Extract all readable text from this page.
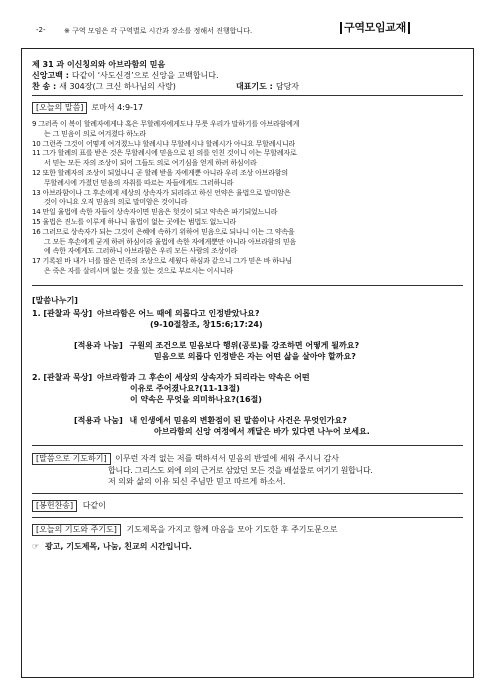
-2-	※ 구역 모임은 각 구역별로 시간과 장소를 정해서 진행합니다.	구역모임교재
제 31 과 이신칭의와 아브라함의 믿음
신앙고백 : 다같이 ‘사도신경’으로 신앙을 고백합니다.
찬 송 : 새 304장(그 크신 하나님의 사랑)	대표기도 : 담당자
[오늘의 말씀]	로마서 4:9-17
9 그러즉 이 복이 할례자에게냐 혹은 무할례자에게도냐 무릇 우리가 말하기를 아브라함에게
는 그 믿음이 의로 여겨졌다 하노라
10 그런즉 그것이 어떻게 여겨졌느냐 할례시냐 무할례시냐 할례시가 아니요 무할례시니라
11 그가 할례의 표를 받은 것은 무할례시에 믿음으로 된 의를 인친 것이니 이는 무할례자로
서 믿는 모든 자의 조상이 되어 그들도 의로 여기심을 얻게 하려 하심이라
12 또한 할례자의 조상이 되었나니 곧 할례 받을 자에게뿐 아니라 우리 조상 아브라함의
무할례시에 가졌던 믿음의 자취를 따르는 자들에게도 그러하니라
13 아브라함이나 그 후손에게 세상의 상속자가 되리라고 하신 언약은 율법으로 말미암은
것이 아니요 오직 믿음의 의로 말미암은 것이니라
14 만일 율법에 속한 자들이 상속자이면 믿음은 헛것이 되고 약속은 파기되었느니라
15 율법은 진노를 이루게 하나니 율법이 없는 곳에는 범법도 없느니라
16 그러므로 상속자가 되는 그것이 은혜에 속하기 위하여 믿음으로 되나니 이는 그 약속을
그 모든 후손에게 굳게 하려 하심이라 율법에 속한 자에게뿐만 아니라 아브라함의 믿음
에 속한 자에게도 그러하니 아브라함은 우리 모든 사람의 조상이라
17 기록된 바 내가 너를 많은 민족의 조상으로 세웠다 하심과 같으니 그가 믿은 바 하나님
은 죽은 자를 살리시며 없는 것을 있는 것으로 부르시는 이시니라
[말씀나누기]
1. [관찰과 묵상] 아브라함은 어느 때에 의롭다고 인정받았나요?
(9-10절참조, 창15:6;17:24)
[적용과 나눔] 구원의 조건으로 믿음보다 행위(공로)를 강조하면 어떻게 될까요?
믿음으로 의롭다 인정받은 자는 어떤 삶을 살아야 할까요?
2. [관찰과 묵상] 아브라함과 그 후손이 세상의 상속자가 되리라는 약속은 어떤
이유로 주어졌나요?(11-13절)
이 약속은 무엇을 의미하나요?(16절)
[적용과 나눔] 내 인생에서 믿음의 변환점이 된 말씀이나 사건은 무엇인가요?
아브라함의 신앙 여정에서 깨달은 바가 있다면 나누어 보세요.
[말씀으로 기도하기] 이무런 자격 없는 저를 택하셔서 믿음의 반열에 세워 주시니 감사
합니다. 그리스도 외에 의의 근거로 삼았던 모든 것을 배설물로 여기기 원합니다.
저 의와 삶의 이유 되신 주님만 믿고 따르게 하소서.
[봉헌찬송] 다같이
[오늘의 기도와 주기도] 기도제목을 가지고 함께 마음을 모아 기도한 후 주기도문으로
☞ 광고, 기도제목, 나눔, 친교의 시간입니다.
